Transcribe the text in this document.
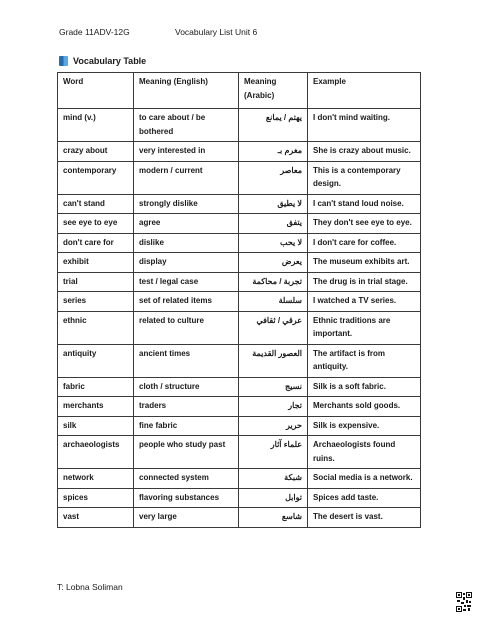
Grade 11ADV-12G	Vocabulary List Unit 6
Vocabulary Table
Word	Meaning (English)	Meaning (Arabic)	Example
mind (v.)	to care about / be bothered	يهتم / يمانع	I don't mind waiting.
crazy about	very interested in	مغرم بـ	She is crazy about music.
contemporary	modern / current	معاصر	This is a contemporary design.
can't stand	strongly dislike	لا يطيق	I can't stand loud noise.
see eye to eye	agree	يتفق	They don't see eye to eye.
don't care for	dislike	لا يحب	I don't care for coffee.
exhibit	display	يعرض	The museum exhibits art.
trial	test / legal case	تجربة / محاكمة	The drug is in trial stage.
series	set of related items	سلسلة	I watched a TV series.
ethnic	related to culture	عرقي / ثقافي	Ethnic traditions are important.
antiquity	ancient times	العصور القديمة	The artifact is from antiquity.
fabric	cloth / structure	نسيج	Silk is a soft fabric.
merchants	traders	تجار	Merchants sold goods.
silk	fine fabric	حرير	Silk is expensive.
archaeologists	people who study past	علماء آثار	Archaeologists found ruins.
network	connected system	شبكة	Social media is a network.
spices	flavoring substances	توابل	Spices add taste.
vast	very large	شاسع	The desert is vast.
T: Lobna Soliman
